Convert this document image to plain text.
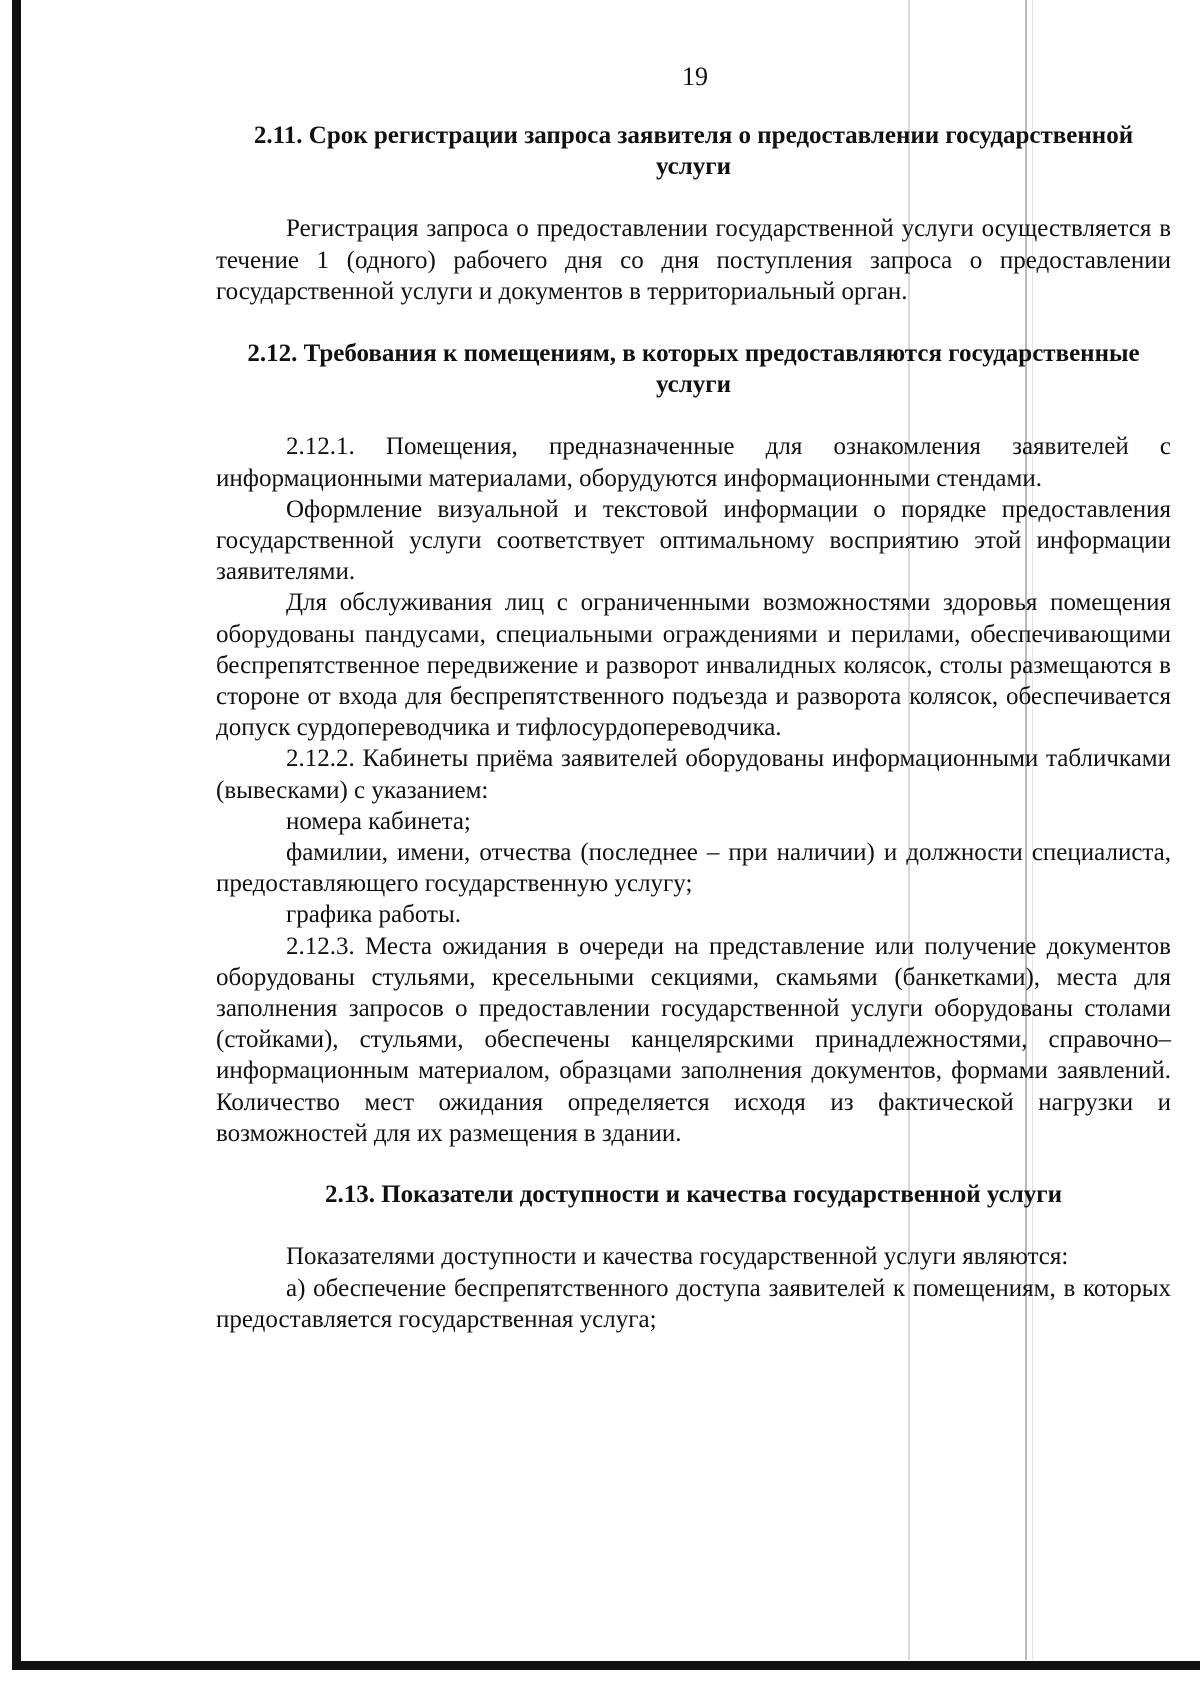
19
2.11. Срок регистрации запроса заявителя о предоставлении государственной услуги

Регистрация запроса о предоставлении государственной услуги осуществляется в течение 1 (одного) рабочего дня со дня поступления запроса о предоставлении государственной услуги и документов в территориальный орган.

2.12. Требования к помещениям, в которых предоставляются государственные услуги

2.12.1. Помещения, предназначенные для ознакомления заявителей с информационными материалами, оборудуются информационными стендами.

Оформление визуальной и текстовой информации о порядке предоставления государственной услуги соответствует оптимальному восприятию этой информации заявителями.

Для обслуживания лиц с ограниченными возможностями здоровья помещения оборудованы пандусами, специальными ограждениями и перилами, обеспечивающими беспрепятственное передвижение и разворот инвалидных колясок, столы размещаются в стороне от входа для беспрепятственного подъезда и разворота колясок, обеспечивается допуск сурдопереводчика и тифлосурдопереводчика.

2.12.2. Кабинеты приёма заявителей оборудованы информационными табличками (вывесками) с указанием:

номера кабинета;

фамилии, имени, отчества (последнее – при наличии) и должности специалиста, предоставляющего государственную услугу;

графика работы.

2.12.3. Места ожидания в очереди на представление или получение документов оборудованы стульями, кресельными секциями, скамьями (банкетками), места для заполнения запросов о предоставлении государственной услуги оборудованы столами (стойками), стульями, обеспечены канцелярскими принадлежностями, справочно–информационным материалом, образцами заполнения документов, формами заявлений. Количество мест ожидания определяется исходя из фактической нагрузки и возможностей для их размещения в здании.

2.13. Показатели доступности и качества государственной услуги

Показателями доступности и качества государственной услуги являются:

а) обеспечение беспрепятственного доступа заявителей к помещениям, в которых предоставляется государственная услуга;
